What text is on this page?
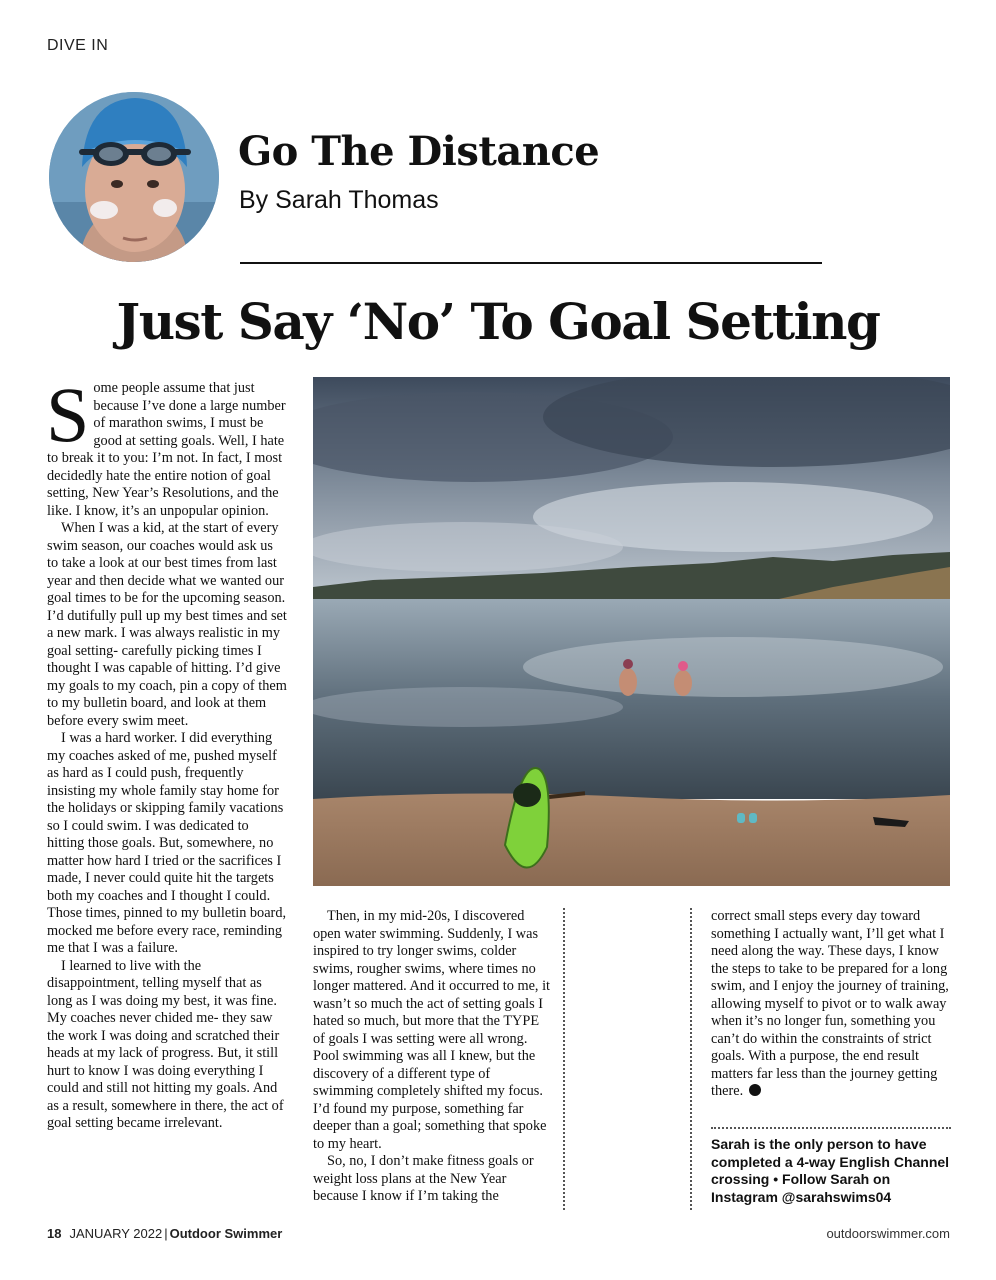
DIVE IN
Go The Distance
By Sarah Thomas
Just Say ‘No’ To Goal Setting

Some people assume that just because I’ve done a large number of marathon swims, I must be good at setting goals. Well, I hate to break it to you: I’m not. In fact, I most decidedly hate the entire notion of goal setting, New Year’s Resolutions, and the like. I know, it’s an unpopular opinion.

When I was a kid, at the start of every swim season, our coaches would ask us to take a look at our best times from last year and then decide what we wanted our goal times to be for the upcoming season. I’d dutifully pull up my best times and set a new mark. I was always realistic in my goal setting- carefully picking times I thought I was capable of hitting. I’d give my goals to my coach, pin a copy of them to my bulletin board, and look at them before every swim meet.

I was a hard worker. I did everything my coaches asked of me, pushed myself as hard as I could push, frequently insisting my whole family stay home for the holidays or skipping family vacations so I could swim. I was dedicated to hitting those goals. But, somewhere, no matter how hard I tried or the sacrifices I made, I never could quite hit the targets both my coaches and I thought I could. Those times, pinned to my bulletin board, mocked me before every race, reminding me that I was a failure.

I learned to live with the disappointment, telling myself that as long as I was doing my best, it was fine. My coaches never chided me- they saw the work I was doing and scratched their heads at my lack of progress. But, it still hurt to know I was doing everything I could and still not hitting my goals. And as a result, somewhere in there, the act of goal setting became irrelevant.

Then, in my mid-20s, I discovered open water swimming. Suddenly, I was inspired to try longer swims, colder swims, rougher swims, where times no longer mattered. And it occurred to me, it wasn’t so much the act of setting goals I hated so much, but more that the TYPE of goals I was setting were all wrong. Pool swimming was all I knew, but the discovery of a different type of swimming completely shifted my focus. I’d found my purpose, something far deeper than a goal; something that spoke to my heart.

So, no, I don’t make fitness goals or weight loss plans at the New Year because I know if I’m taking the

correct small steps every day toward something I actually want, I’ll get what I need along the way. These days, I know the steps to take to be prepared for a long swim, and I enjoy the journey of training, allowing myself to pivot or to walk away when it’s no longer fun, something you can’t do within the constraints of strict goals. With a purpose, the end result matters far less than the journey getting there.

Sarah is the only person to have completed a 4-way English Channel crossing • Follow Sarah on Instagram @sarahswims04
18 JANUARY 2022 | Outdoor Swimmer	outdoorswimmer.com
